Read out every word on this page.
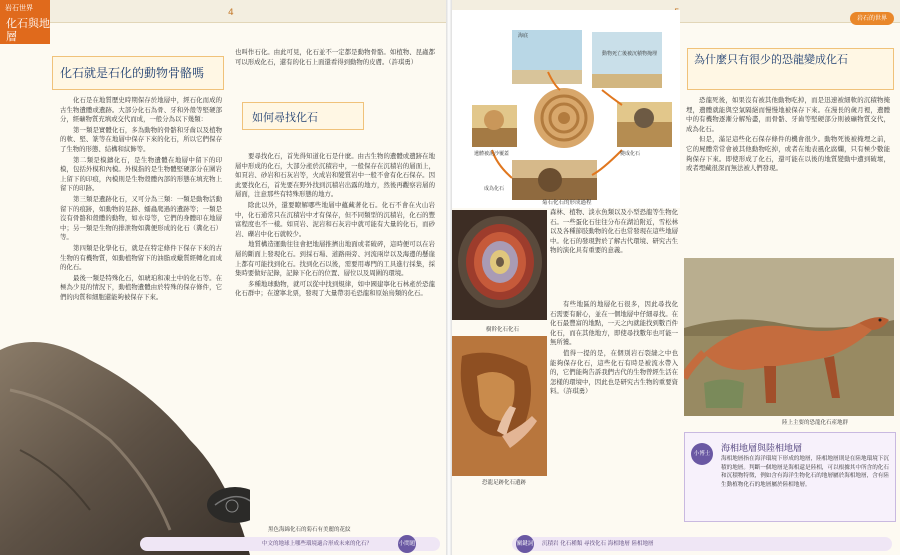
岩石世界
化石與地層
4
化石就是石化的動物骨骼嗎

化石是在地質歷史時期保存於地層中，經石化而成的古生物遺體或遺跡。大部分化石為骨、牙和外殼等堅硬部分，經礦物質充填或交代而成，一般分為以下幾類：

第一類是實體化石，多為動物的骨骼和牙齒以及植物的軟、堅、篆等在地層中保存下來的化石，所以它們保存了生物的形態、結構和紋飾等。

第二類是模鑄化石，是生物遺體在地層中留下的印模，包括外模和內模。外模指的是生物體堅硬部分在圍岩上留下的印痕，內模則是生物殼體內部的形態在填充物上留下的印跡。

第三類是遺跡化石，又可分為三類：一類是動物活動留下的痕跡，如動物的足跡、蠕蟲爬過的遺跡等；一類是沒有骨骼和殼體的動物，如水母等，它們的身體印在地層中；另一類是生物的排泄物如糞便形成的化石（糞化石）等。

第四類是化學化石，就是在特定條件下保存下來的古生物的有機物質，如動植物留下的油脂或蠟質經轉化而成的化石。

最後一類是特殊化石，如琥珀和凍土中的化石等。在極為少見的情況下，動植物遺體由於特殊的保存條件，它們的肉質和細胞還能夠被保存下來。

也叫作石化。由此可見，化石並不一定都是動物骨骼。如植物、昆蟲都可以形成化石，還有的化石上面還看得到動物的皮膚。（許琪勇）
如何尋找化石

要尋找化石，首先得知道化石是什麼。由古生物的遺體或遺跡在地層中形成的化石，大部分產於沉積岩中，一般保存在沉積岩的層面上，如頁岩、砂岩和石灰岩等，火成岩和變質岩中一般不會有化石保存。因此要找化石，首先要在野外找到沉積岩出露的地方，然後再觀察岩層的層面，注意那些有特殊形態的地方。

除此以外，還要瞭解哪些地層中蘊藏著化石。化石不會在火山岩中，化石通常只在沉積岩中才有保存，但不同類型的沉積岩，化石的豐富程度也不一樣。如頁岩、泥岩和石灰岩中就可能有大量的化石，而砂岩、礫岩中化石就較少。

地質構造運動往往會把地層推擠出地面或者破碎，這時便可以在岩層的斷面上發現化石。到採石場、道路兩旁、河流兩岸以及海邊的懸崖上都有可能找到化石。找到化石以後，需要用專門的工具進行採集，採集時要做好記錄，記錄下化石的位置、層位以及周圍的環境。

多種地球動物，就可以從中找到規律，如中國建寧化石林產於恐龍化石群中；在遼寧北票，發現了大量帶羽毛恐龍和原始鳥類的化石。

黑色海綿化石的菊石有美麗的花紋
小問題
中文的地球上哪些環境適合形成未來的化石？
岩石的世界
海底
動物死亡後被沉積物掩埋
遺體被泥沙覆蓋	變成化石
成為化石
菊石化石的形成過程
樹幹化石化石
恐龍足跡化石遺跡
森林、植物、淡水魚類以及小型恐龍等生物化石。一些蛋化石往往分布在湖泊附近，雪松林以及各種節肢動物的化石也常發現在這些地層中。化石的發現對於了解古代環境、研究古生物的演化具有重要的意義。
為什麼只有很少的恐龍變成化石

恐龍死後，如果沒有被其他動物吃掉，而是迅速被細軟的沉積物掩埋，遺體就能與空氣隔絕而慢慢地被保存下來。在漫長的歲月裡，遺體中的有機物逐漸分解殆盡，而骨骼、牙齒等堅硬部分則被礦物質交代，成為化石。

但是，滿足這些化石保存條件的機會很少。動物死後被掩埋之前，它的屍體常常會被其他動物吃掉，或者在地表風化腐爛，只有極少數能夠保存下來。即使形成了化石，還可能在以後的地質變動中遭到破壞，或者埋藏很深而無法被人們發現。

陸上主要的恐龍化石產地群

有些地區的地層化石很多，因此尋找化石需要有耐心，並在一個地層中仔細尋找。在化石最豐富的地點，一天之內就能找到數百件化石，而在其他地方，即使尋找數年也可能一無所獲。

值得一提的是，在個別岩石裂縫之中也能夠保存化石，這些化石有時是被流水帶入的，它們能夠告訴我們古代的生物曾經生活在怎樣的環境中，因此也是研究古生物的重要資料。（許琪勇）

小博士	海相地層與陸相地層
海相地層指在海洋環境下形成的地層，陸相地層則是在陸地環境下沉積的地層。判斷一個地層是海相還是陸相，可以根據其中所含的化石和沉積物特徵，例如含有海洋生物化石的地層屬於海相地層，含有陸生動植物化石的地層屬於陸相地層。
關鍵詞 沉積岩 化石種類 尋找化石 海相地層 陸相地層
